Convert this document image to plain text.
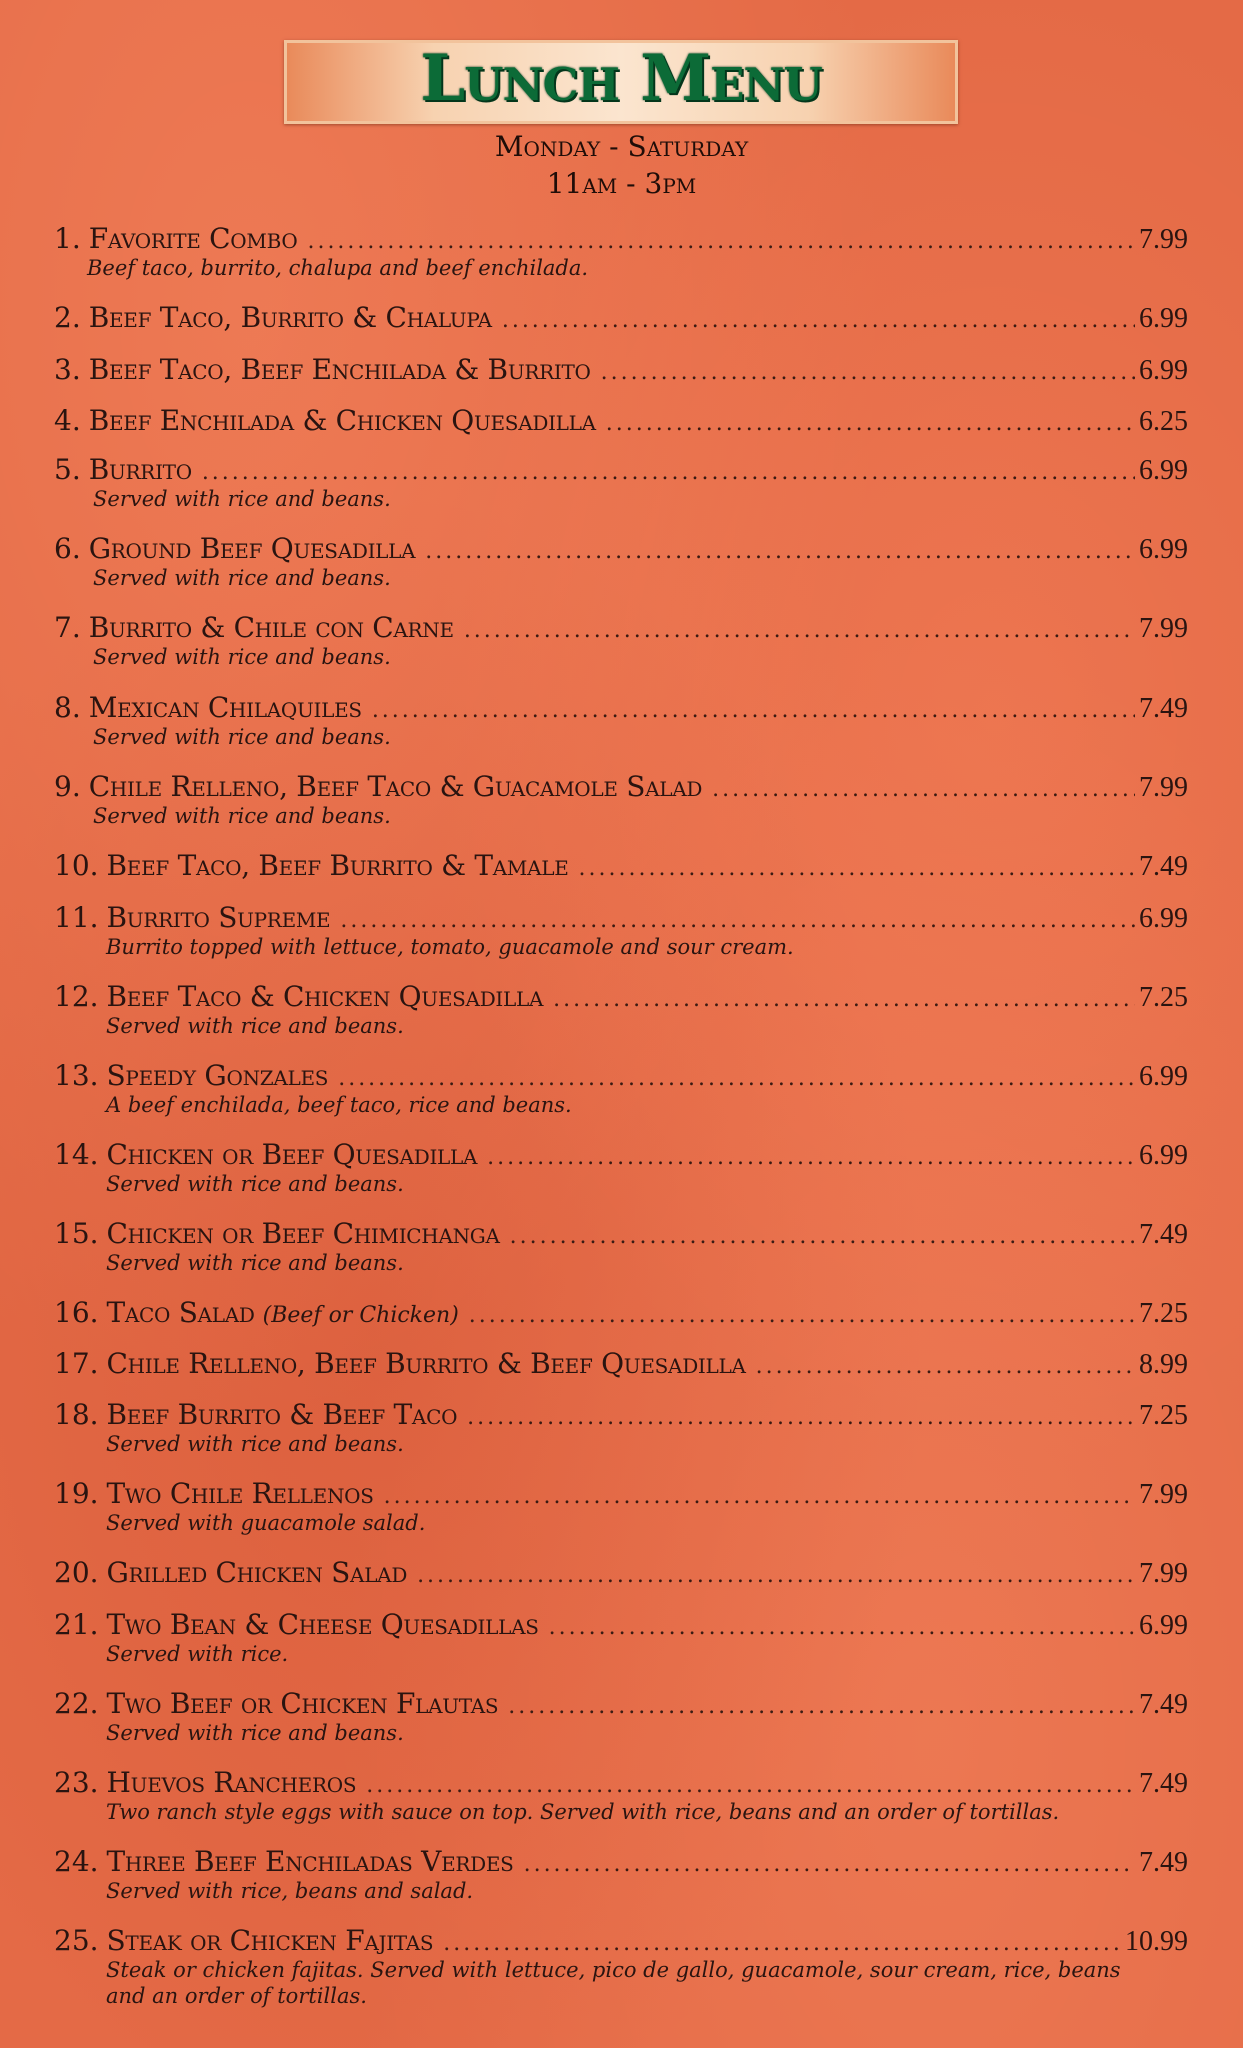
Lunch Menu
Monday - Saturday
11am - 3pm
1. Favorite Combo .....	7.99
Beef taco, burrito, chalupa and beef enchilada.
2. Beef Taco, Burrito & Chalupa .....	6.99
3. Beef Taco, Beef Enchilada & Burrito .....	6.99
4. Beef Enchilada & Chicken Quesadilla .....	6.25
5. Burrito .....	6.99
Served with rice and beans.
6. Ground Beef Quesadilla .....	6.99
Served with rice and beans.
7. Burrito & Chile con Carne .....	7.99
Served with rice and beans.
8. Mexican Chilaquiles .....	7.49
Served with rice and beans.
9. Chile Relleno, Beef Taco & Guacamole Salad .....	7.99
Served with rice and beans.
10. Beef Taco, Beef Burrito & Tamale .....	7.49
11. Burrito Supreme .....	6.99
Burrito topped with lettuce, tomato, guacamole and sour cream.
12. Beef Taco & Chicken Quesadilla .....	7.25
Served with rice and beans.
13. Speedy Gonzales .....	6.99
A beef enchilada, beef taco, rice and beans.
14. Chicken or Beef Quesadilla .....	6.99
Served with rice and beans.
15. Chicken or Beef Chimichanga .....	7.49
Served with rice and beans.
16. Taco Salad (Beef or Chicken) .....	7.25
17. Chile Relleno, Beef Burrito & Beef Quesadilla .....	8.99
18. Beef Burrito & Beef Taco .....	7.25
Served with rice and beans.
19. Two Chile Rellenos .....	7.99
Served with guacamole salad.
20. Grilled Chicken Salad .....	7.99
21. Two Bean & Cheese Quesadillas .....	6.99
Served with rice.
22. Two Beef or Chicken Flautas .....	7.49
Served with rice and beans.
23. Huevos Rancheros .....	7.49
Two ranch style eggs with sauce on top. Served with rice, beans and an order of tortillas.
24. Three Beef Enchiladas Verdes .....	7.49
Served with rice, beans and salad.
25. Steak or Chicken Fajitas .....	10.99
Steak or chicken fajitas. Served with lettuce, pico de gallo, guacamole, sour cream, rice, beans
and an order of tortillas.
